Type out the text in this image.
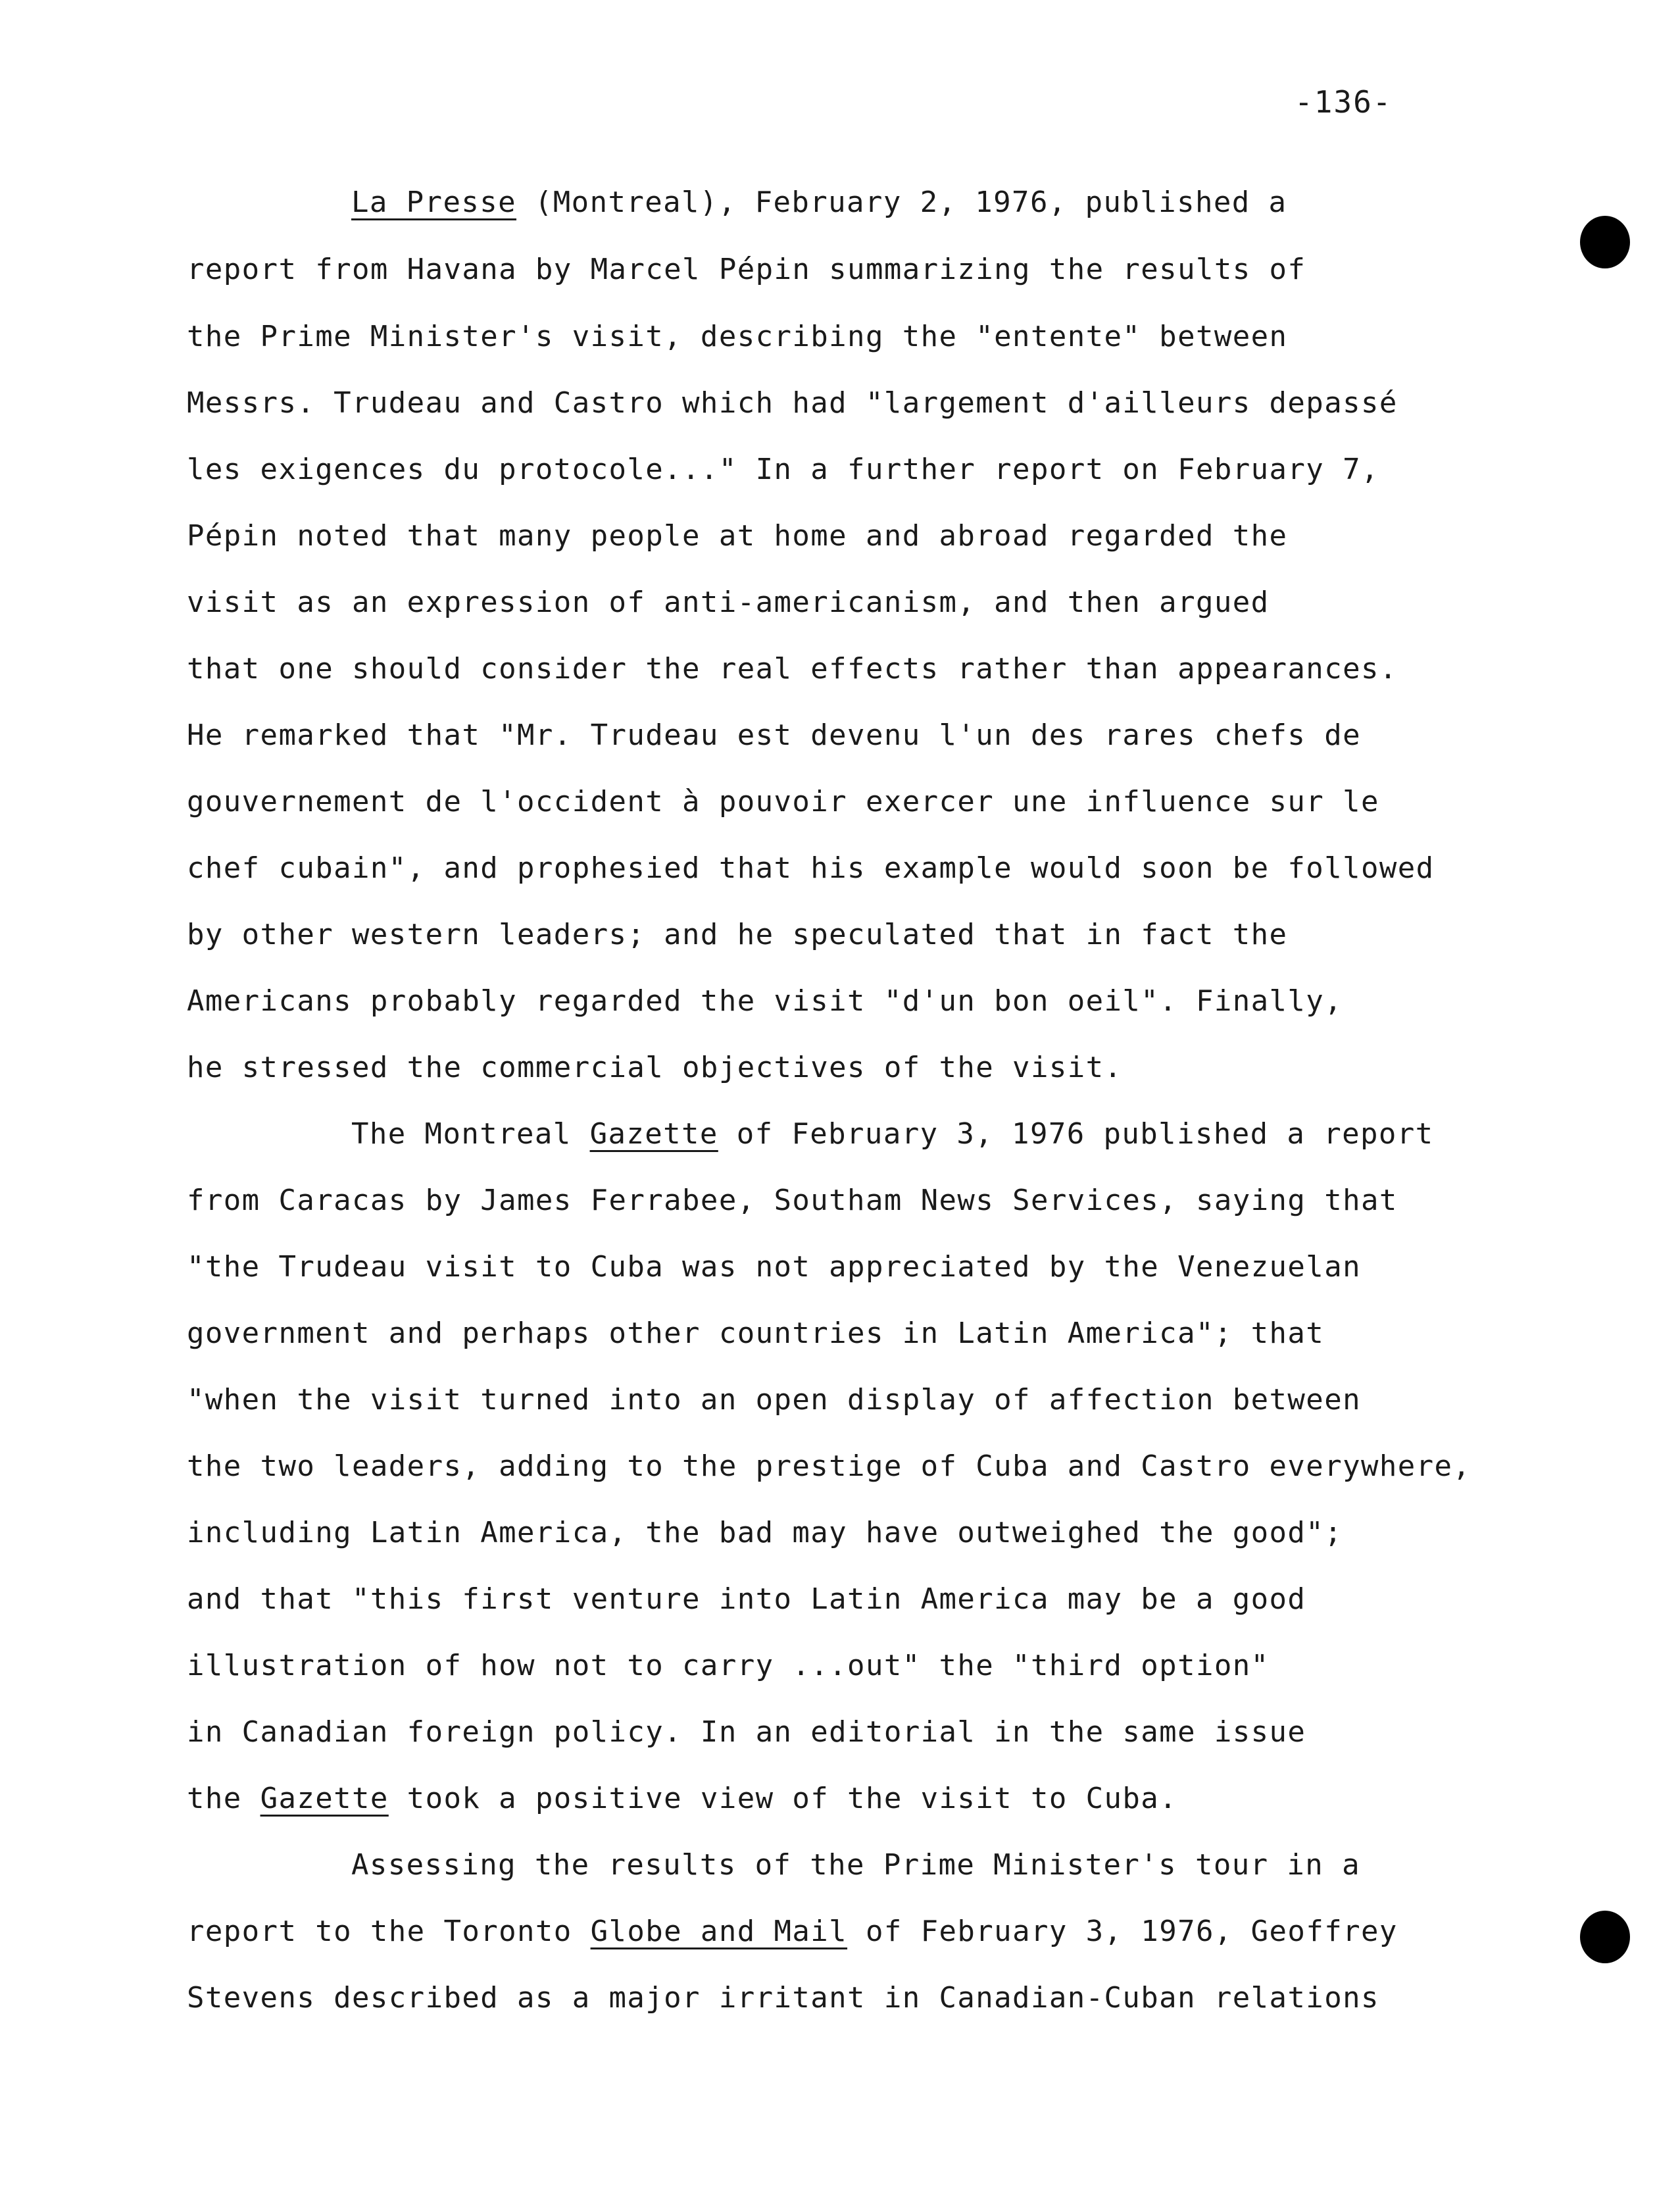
-136-
La Presse (Montreal), February 2, 1976, published a
report from Havana by Marcel Pépin summarizing the results of
the Prime Minister's visit, describing the "entente" between
Messrs. Trudeau and Castro which had "largement d'ailleurs depassé
les exigences du protocole..." In a further report on February 7,
Pépin noted that many people at home and abroad regarded the
visit as an expression of anti-americanism, and then argued
that one should consider the real effects rather than appearances.
He remarked that "Mr. Trudeau est devenu l'un des rares chefs de
gouvernement de l'occident à pouvoir exercer une influence sur le
chef cubain", and prophesied that his example would soon be followed
by other western leaders; and he speculated that in fact the
Americans probably regarded the visit "d'un bon oeil". Finally,
he stressed the commercial objectives of the visit.
The Montreal Gazette of February 3, 1976 published a report
from Caracas by James Ferrabee, Southam News Services, saying that
"the Trudeau visit to Cuba was not appreciated by the Venezuelan
government and perhaps other countries in Latin America"; that
"when the visit turned into an open display of affection between
the two leaders, adding to the prestige of Cuba and Castro everywhere,
including Latin America, the bad may have outweighed the good";
and that "this first venture into Latin America may be a good
illustration of how not to carry ...out" the "third option"
in Canadian foreign policy. In an editorial in the same issue
the Gazette took a positive view of the visit to Cuba.
Assessing the results of the Prime Minister's tour in a
report to the Toronto Globe and Mail of February 3, 1976, Geoffrey
Stevens described as a major irritant in Canadian-Cuban relations
